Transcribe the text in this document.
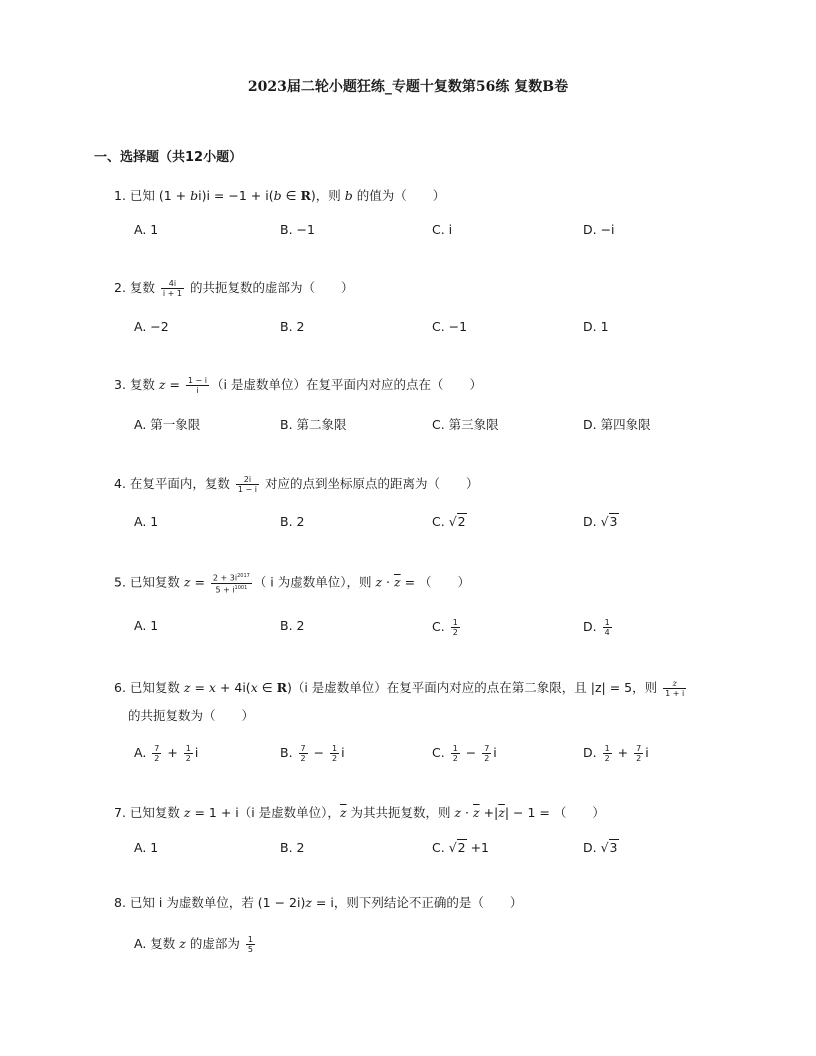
2023届二轮小题狂练_专题十复数第56练 复数B卷
一、选择题（共12小题）
1. 已知 (1 + bi)i = −1 + i(b ∈ R)，则 b 的值为（ ）
A. 1	B. −1	C. i	D. −i
2. 复数 $\frac{4i}{i + 1}$ 的共扼复数的虚部为（ ）
A. −2	B. 2	C. −1	D. 1
3. 复数 $z = \frac{1 - i}{i} (i$ 是虚数单位）在复平面内对应的点在（ ）
A. 第一象限	B. 第二象限	C. 第三象限	D. 第四象限
4. 在复平面内，复数 $\frac{2i}{1 - i}$ 对应的点到坐标原点的距离为（ ）
A. 1	B. 2	C. √2	D. √3
5. 已知复数 $z = \frac{2 + 3i^{2017}}{5 + i^{1001}}$ （ i 为虚数单位），则 $z \cdot \overline{z}$ = （ ）
A. 1	B. 2	C. $\frac{1}{2}$	D. $\frac{1}{4}$
6. 已知复数 z = x + 4i(x ∈ R)（i 是虚数单位）在复平面内对应的点在第二象限，且 |z| = 5，则 $\frac{z}{1 + i}$
的共扼复数为（ ）
A. $\frac{7}{2} + \frac{1}{2}$ i	B. $\frac{7}{2} - \frac{1}{2}$ i	C. $\frac{1}{2} - \frac{7}{2}$ i	D. $\frac{1}{2} + \frac{7}{2}$ i
7. 已知复数 z = 1 + i（i 是虚数单位），$\overline{z}$ 为其共扼复数，则 $z \cdot \overline{z} +|\overline{z}| - 1$ = （ ）
A. 1	B. 2	C. √2 +1	D. √3
8. 已知 i 为虚数单位，若 (1 − 2i)z = i，则下列结论不正确的是（ ）
A. 复数 z 的虚部为 $\frac{1}{5}$
